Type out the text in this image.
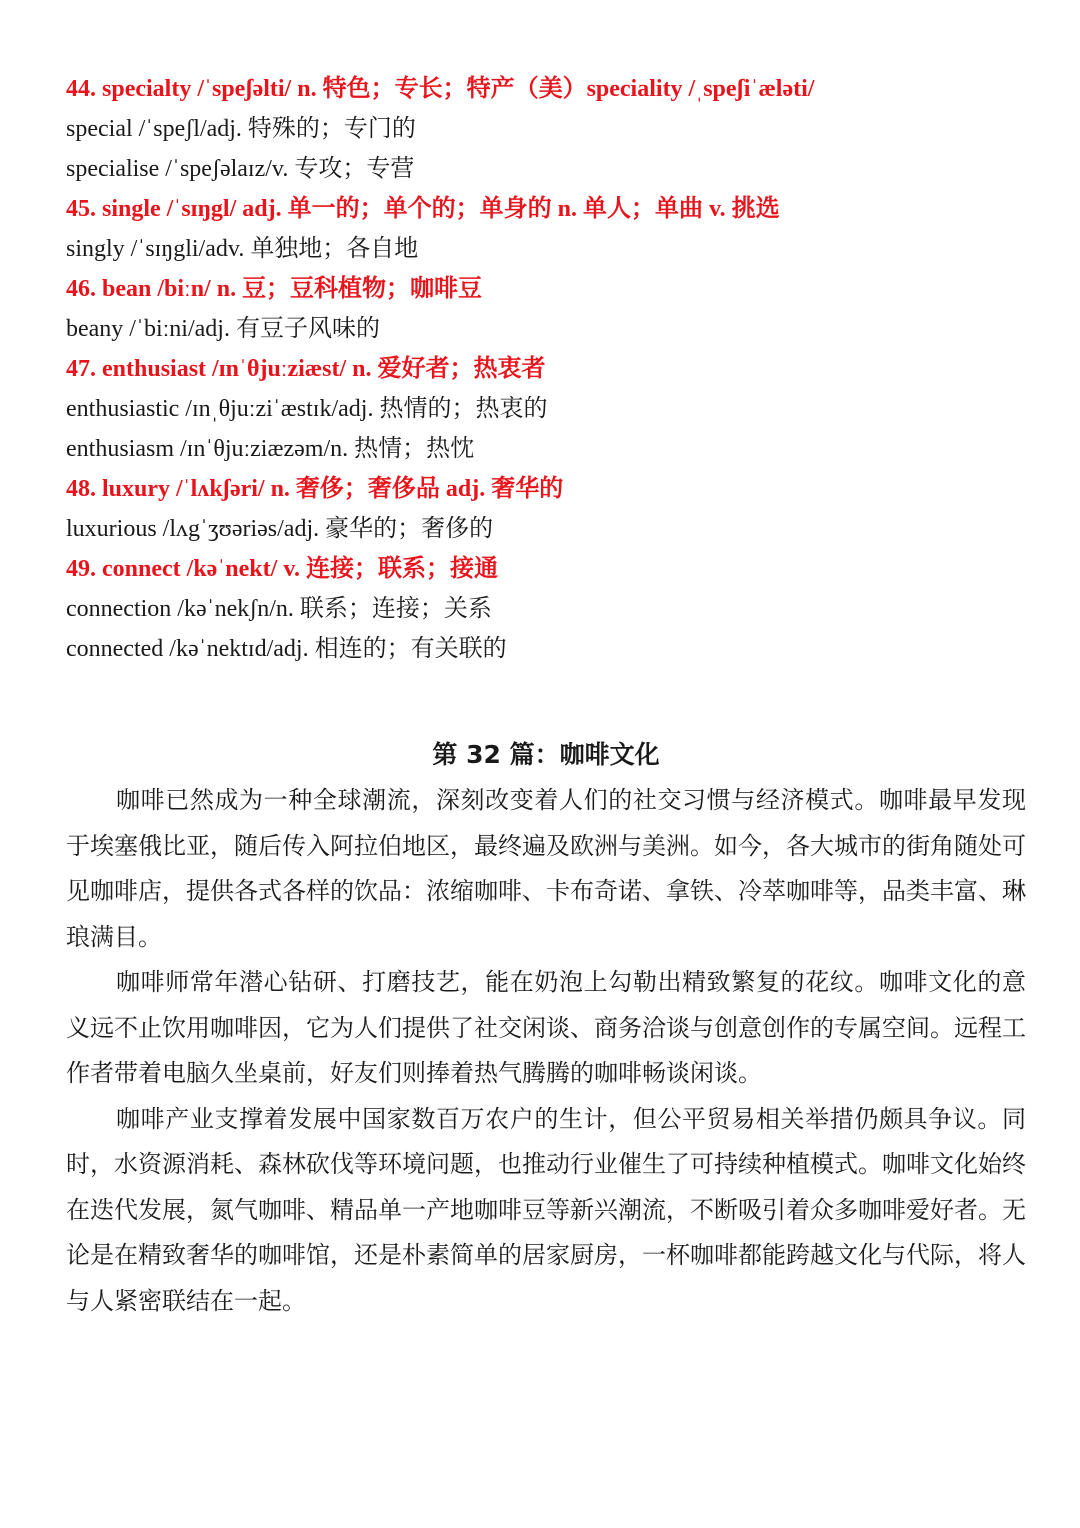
44. specialty /ˈspeʃəlti/ n. 特色；专长；特产（美）speciality /ˌspeʃiˈæləti/
special /ˈspeʃl/adj. 特殊的；专门的
specialise /ˈspeʃəlaɪz/v. 专攻；专营
45. single /ˈsɪŋgl/ adj. 单一的；单个的；单身的 n. 单人；单曲 v. 挑选
singly /ˈsɪŋgli/adv. 单独地；各自地
46. bean /biːn/ n. 豆；豆科植物；咖啡豆
beany /ˈbiːni/adj. 有豆子风味的
47. enthusiast /ɪnˈθjuːziæst/ n. 爱好者；热衷者
enthusiastic /ɪnˌθjuːziˈæstɪk/adj. 热情的；热衷的
enthusiasm /ɪnˈθjuːziæzəm/n. 热情；热忱
48. luxury /ˈlʌkʃəri/ n. 奢侈；奢侈品 adj. 奢华的
luxurious /lʌgˈʒʊəriəs/adj. 豪华的；奢侈的
49. connect /kəˈnekt/ v. 连接；联系；接通
connection /kəˈnekʃn/n. 联系；连接；关系
connected /kəˈnektɪd/adj. 相连的；有关联的
第 32 篇：咖啡文化

咖啡已然成为一种全球潮流，深刻改变着人们的社交习惯与经济模式。咖啡最早发现于埃塞俄比亚，随后传入阿拉伯地区，最终遍及欧洲与美洲。如今，各大城市的街角随处可见咖啡店，提供各式各样的饮品：浓缩咖啡、卡布奇诺、拿铁、冷萃咖啡等，品类丰富、琳琅满目。

咖啡师常年潜心钻研、打磨技艺，能在奶泡上勾勒出精致繁复的花纹。咖啡文化的意义远不止饮用咖啡因，它为人们提供了社交闲谈、商务洽谈与创意创作的专属空间。远程工作者带着电脑久坐桌前，好友们则捧着热气腾腾的咖啡畅谈闲谈。

咖啡产业支撑着发展中国家数百万农户的生计，但公平贸易相关举措仍颇具争议。同时，水资源消耗、森林砍伐等环境问题，也推动行业催生了可持续种植模式。咖啡文化始终在迭代发展，氮气咖啡、精品单一产地咖啡豆等新兴潮流，不断吸引着众多咖啡爱好者。无论是在精致奢华的咖啡馆，还是朴素简单的居家厨房，一杯咖啡都能跨越文化与代际，将人与人紧密联结在一起。
